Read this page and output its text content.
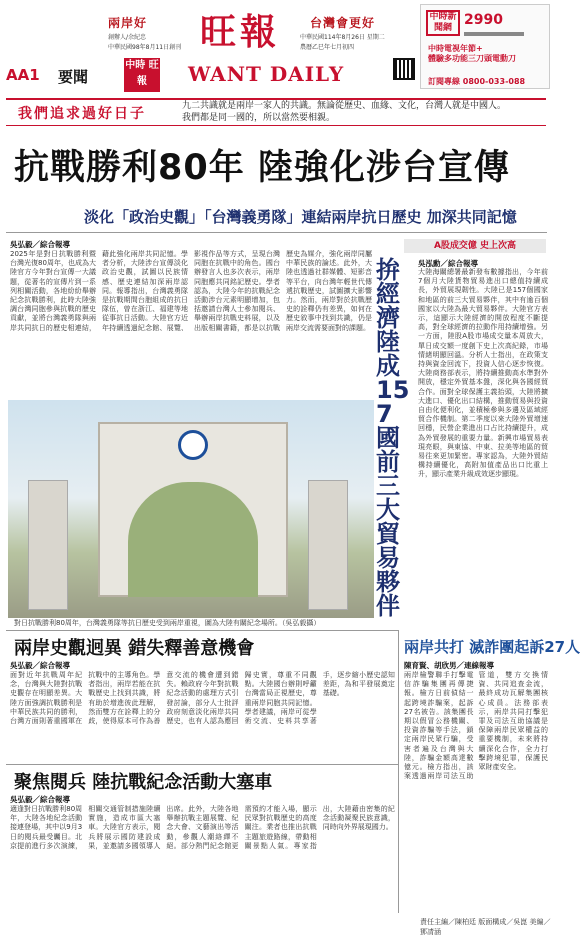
兩岸好 旺報 台灣會更好
創辦人/余紀忠
中華民國98年8月11日創刊
中華民國114年8月26日 星期二
農曆乙巳年七月初四
AA1 要聞
中時 旺報	WANT DAILY
中時新聞網 2990
中時電視年節+
體驗多功能三刀頭電動刀
訂閱專線 0800-033-088
我們追求過好日子	九二共識就是兩岸一家人的共識。無論從歷史、血緣、文化，台灣人就是中國人。
我們都是同一國的，所以當然要相親。
抗戰勝利80年 陸強化涉台宣傳
淡化「政治史觀」「台灣義勇隊」連結兩岸抗日歷史 加深共同記憶
吳弘毅／綜合報導
2025年是對日抗戰勝利暨台灣光復80周年，也成為大陸官方今年對台宣傳一大議題，從著名的宣傳片到一系列相關活動，各地紛紛舉辦紀念抗戰勝利，此時大陸強調台灣同胞參與抗戰的歷史貢獻，並將台灣義勇隊與兩岸共同抗日的歷史相連結，藉此強化兩岸共同記憶。學者分析，大陸涉台宣傳淡化政治史觀，試圖以民族情感、歷史連結加深兩岸認同。報導指出，台灣義勇隊是抗戰期間台胞組成的抗日隊伍，曾在浙江、福建等地從事抗日活動。大陸官方近年持續透過紀念館、展覽、影視作品等方式，呈現台灣同胞在抗戰中的角色。國台辦發言人也多次表示，兩岸同胞應共同銘記歷史。學者認為，大陸今年的抗戰紀念活動涉台元素明顯增加，包括邀請台灣人士參加閱兵、舉辦兩岸抗戰史料展，以及出版相關書籍，都是以抗戰歷史為媒介，強化兩岸同屬中華民族的論述。此外，大陸也透過社群媒體、短影音等平台，向台灣年輕世代傳遞抗戰歷史，試圖擴大影響力。然而，兩岸對於抗戰歷史的詮釋仍有差異，如何在歷史敘事中找到共識，仍是兩岸交流需要面對的課題。
A股成交億 史上次高
拚經濟陸成157國前三大貿易夥伴
吳泓勳／綜合報導
大陸海關總署最新發布數據指出，今年前7個月大陸貨物貿易進出口總值持續成長，外貿展現韌性。大陸已是157個國家和地區的前三大貿易夥伴，其中有逾百個國家以大陸為最大貿易夥伴。大陸官方表示，這顯示大陸經濟的開放程度不斷提高，對全球經濟的拉動作用持續增強。另一方面，陸股A股市場成交量本周放大，單日成交額一度創下史上次高紀錄，市場情緒明顯回溫。分析人士指出，在政策支持與資金回流下，投資人信心逐步恢復。大陸商務部表示，將持續推動高水準對外開放，穩定外貿基本盤，深化與各國經貿合作。面對全球保護主義抬頭，大陸將擴大進口、優化出口結構，推動貿易與投資自由化便利化，並積極參與多邊及區域經貿合作機制。第二季度以來大陸外貿增速回穩，民營企業進出口占比持續提升，成為外貿發展的重要力量。新興市場貿易表現亮眼，與東協、中東、拉美等地區的貿易往來更加緊密。專家認為，大陸外貿結構持續優化，高附加值產品出口比重上升，顯示產業升級成效逐步顯現。
兩岸共打 滅詐團起訴27人
陳育賢、胡欣男／連線報導
兩岸檢警聯手打擊電信詐騙集團再傳捷報。檢方日前偵結一起跨境詐騙案，起訴27名被告。該集團長期以假冒公務機關、投資詐騙等手法，鎖定兩岸民眾行騙，受害者遍及台灣與大陸，詐騙金額高達數億元。檢方指出，該案透過兩岸司法互助管道，雙方交換情資、共同追查金流，最終成功瓦解集團核心成員。法務部表示，兩岸共同打擊犯罪及司法互助協議是保障兩岸民眾權益的重要機制，未來將持續深化合作，全力打擊跨境犯罪，保護民眾財產安全。
對日抗戰勝利80周年，台灣義勇隊等抗日歷史受到兩岸重視，圖為大陸有關紀念場所。（吳弘毅攝）
兩岸史觀迥異 錯失釋善意機會
吳弘毅／綜合報導
面對近年抗戰周年紀念，台灣與大陸對抗戰史觀存在明顯差異。大陸方面強調抗戰勝利是中華民族共同的勝利，台灣方面則著重國軍在抗戰中的主導角色。學者指出，兩岸若能在抗戰歷史上找到共識，將有助於增進彼此理解，然而雙方在詮釋上的分歧，使得原本可作為善意交流的機會遭到錯失。賴政府今年對抗戰紀念活動的處理方式引發討論，部分人士批評政府刻意淡化兩岸共同歷史，也有人認為應回歸史實，尊重不同觀點。大陸國台辦則呼籲台灣當局正視歷史，尊重兩岸同胞共同記憶。學者建議，兩岸可從學術交流、史料共享著手，逐步縮小歷史認知差距，為和平發展奠定基礎。
聚焦閱兵 陸抗戰紀念活動大塞車
吳弘毅／綜合報導
適逢對日抗戰勝利80周年，大陸各地紀念活動接連登場，其中以9月3日的閱兵最受矚目。北京提前進行多次演練，相關交通管制措施陸續實施，造成市區大塞車。大陸官方表示，閱兵將展示國防建設成果，並邀請多國領導人出席。此外，大陸各地舉辦抗戰主題展覽、紀念大會、文藝演出等活動，參觀人潮絡繹不絕。部分熱門紀念館更需預約才能入場，顯示民眾對抗戰歷史的高度關注。業者也推出抗戰主題旅遊路線，帶動相關景點人氣。專家指出，大陸藉由密集的紀念活動凝聚民族意識，同時向外界展現國力。
責任主編／陳柏廷 版面構成／吳崑 美編／鄧凊涵
